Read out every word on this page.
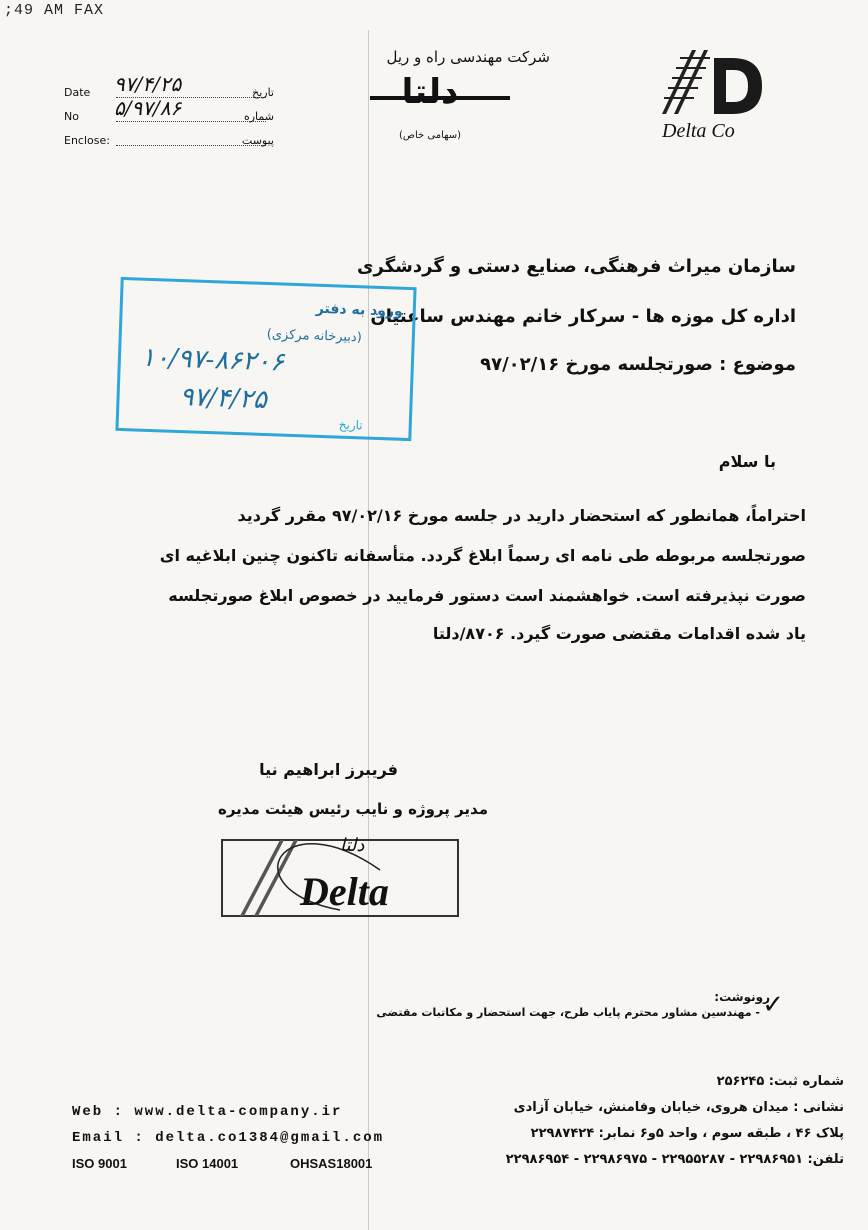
;49 AM FAX
شرکت مهندسی راه و ریل
دلتا
(سهامی خاص)	Delta Co
Date ۹۷/۴/۲۵	تاریخ
No ۵/۹۷/۸۶	شماره
Enclose:	پیوست
سازمان میراث فرهنگی، صنایع دستی و گردشگری
اداره کل موزه ها - سرکار خانم مهندس ساعتیان
موضوع : صورتجلسه مورخ ۹۷/۰۲/۱۶
ورود به دفتر
(دبیرخانه مرکزی)
۱۰/۹۷-۸۶۲۰۶
۹۷/۴/۲۵
تاریخ
با سلام
احتراماً، همانطور که استحضار دارید در جلسه مورخ ۹۷/۰۲/۱۶ مقرر گردید
صورتجلسه مربوطه طی نامه ای رسماً ابلاغ گردد. متأسفانه تاکنون چنین ابلاغیه ای
صورت نپذیرفته است. خواهشمند است دستور فرمایید در خصوص ابلاغ صورتجلسه
یاد شده اقدامات مقتضی صورت گیرد. ۸۷۰۶/دلتا
فریبرز ابراهیم نیا
مدیر پروژه و نایب رئیس هیئت مدیره
دلتا
Delta
رونوشت:
✓
- مهندسین مشاور محترم پایاب طرح، جهت استحضار و مکاتبات مقتضی
شماره ثبت: ۲۵۶۲۴۵
نشانی : میدان هروی، خیابان وفامنش، خیابان آزادی
پلاک ۴۶ ، طبقه سوم ، واحد ۵و۶ نمابر: ۲۲۹۸۷۴۲۴
تلفن: ۲۲۹۸۶۹۵۱ - ۲۲۹۵۵۲۸۷ - ۲۲۹۸۶۹۷۵ - ۲۲۹۸۶۹۵۴
Web : www.delta-company.ir
Email : delta.co1384@gmail.com
ISO 9001	ISO 14001	OHSAS18001
